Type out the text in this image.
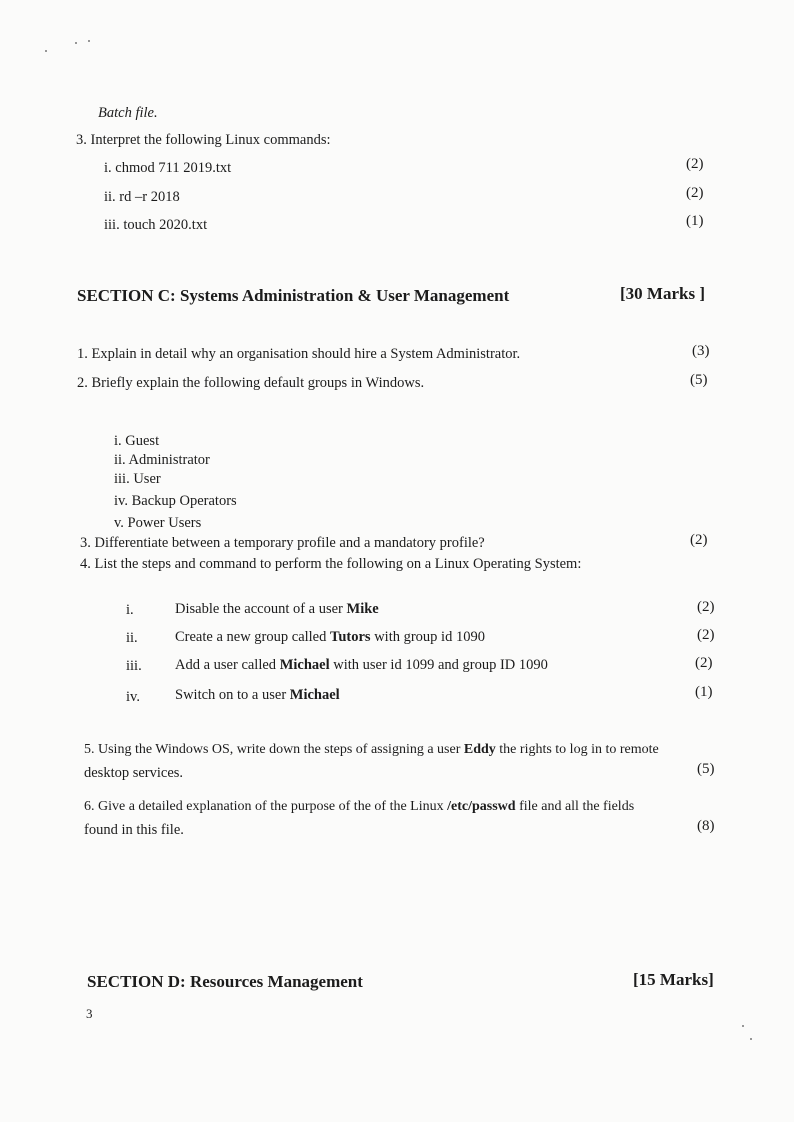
Batch file.
3. Interpret the following Linux commands:
i. chmod 711 2019.txt	(2)
ii. rd –r 2018	(2)
iii. touch 2020.txt	(1)
SECTION C: Systems Administration & User Management	[30 Marks ]
1. Explain in detail why an organisation should hire a System Administrator.	(3)
2. Briefly explain the following default groups in Windows.	(5)
i. Guest
ii. Administrator
iii. User
iv. Backup Operators
v. Power Users
3. Differentiate between a temporary profile and a mandatory profile?	(2)
4. List the steps and command to perform the following on a Linux Operating System:
i.	Disable the account of a user Mike	(2)
ii.	Create a new group called Tutors with group id 1090	(2)
iii. Add a user called Michael with user id 1099 and group ID 1090	(2)
iv. Switch on to a user Michael	(1)
5. Using the Windows OS, write down the steps of assigning a user Eddy the rights to log in to remote
desktop services.	(5)
6. Give a detailed explanation of the purpose of the of the Linux /etc/passwd file and all the fields
found in this file.	(8)
SECTION D: Resources Management	[15 Marks]
3
